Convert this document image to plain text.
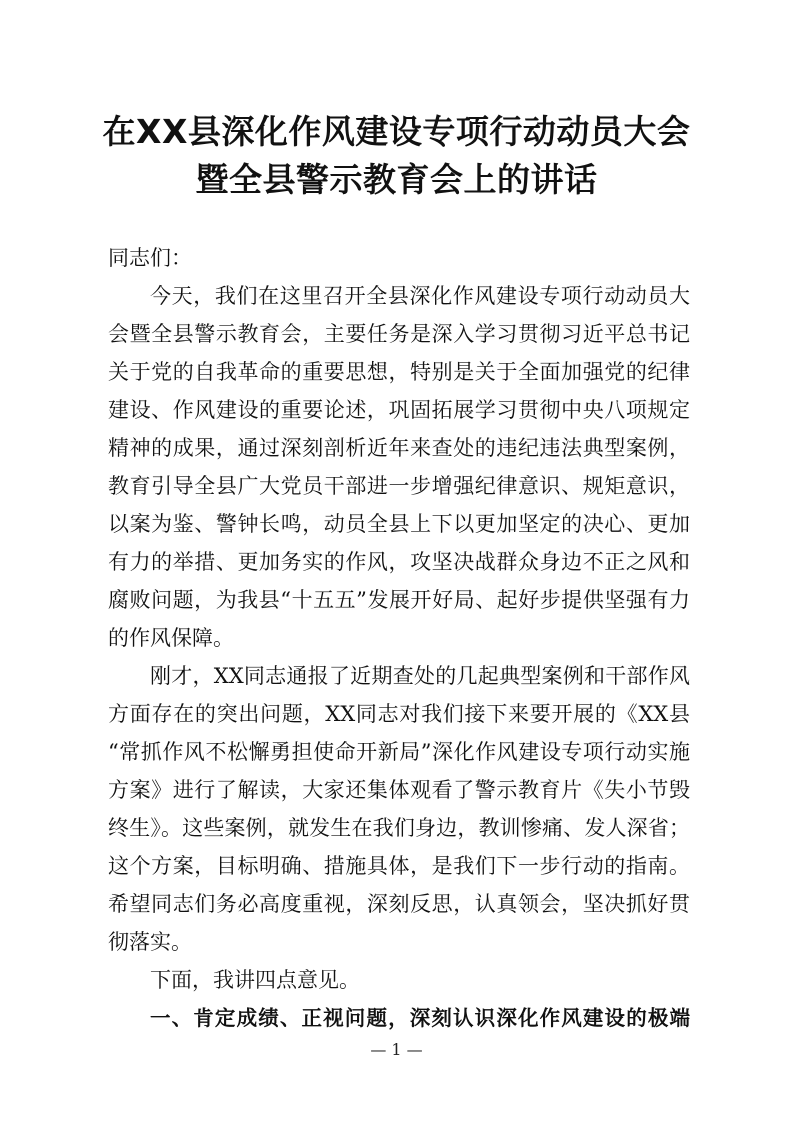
在XX县深化作风建设专项行动动员大会
暨全县警示教育会上的讲话
同志们：
今天，我们在这里召开全县深化作风建设专项行动动员大
会暨全县警示教育会，主要任务是深入学习贯彻习近平总书记
关于党的自我革命的重要思想，特别是关于全面加强党的纪律
建设、作风建设的重要论述，巩固拓展学习贯彻中央八项规定
精神的成果，通过深刻剖析近年来查处的违纪违法典型案例，
教育引导全县广大党员干部进一步增强纪律意识、规矩意识，
以案为鉴、警钟长鸣，动员全县上下以更加坚定的决心、更加
有力的举措、更加务实的作风，攻坚决战群众身边不正之风和
腐败问题，为我县“十五五”发展开好局、起好步提供坚强有力
的作风保障。
刚才，XX同志通报了近期查处的几起典型案例和干部作风
方面存在的突出问题，XX同志对我们接下来要开展的《XX县
“常抓作风不松懈勇担使命开新局”深化作风建设专项行动实施
方案》进行了解读，大家还集体观看了警示教育片《失小节毁
终生》。这些案例，就发生在我们身边，教训惨痛、发人深省；
这个方案，目标明确、措施具体，是我们下一步行动的指南。
希望同志们务必高度重视，深刻反思，认真领会，坚决抓好贯
彻落实。
下面，我讲四点意见。
一、肯定成绩、正视问题，深刻认识深化作风建设的极端
— 1 —
